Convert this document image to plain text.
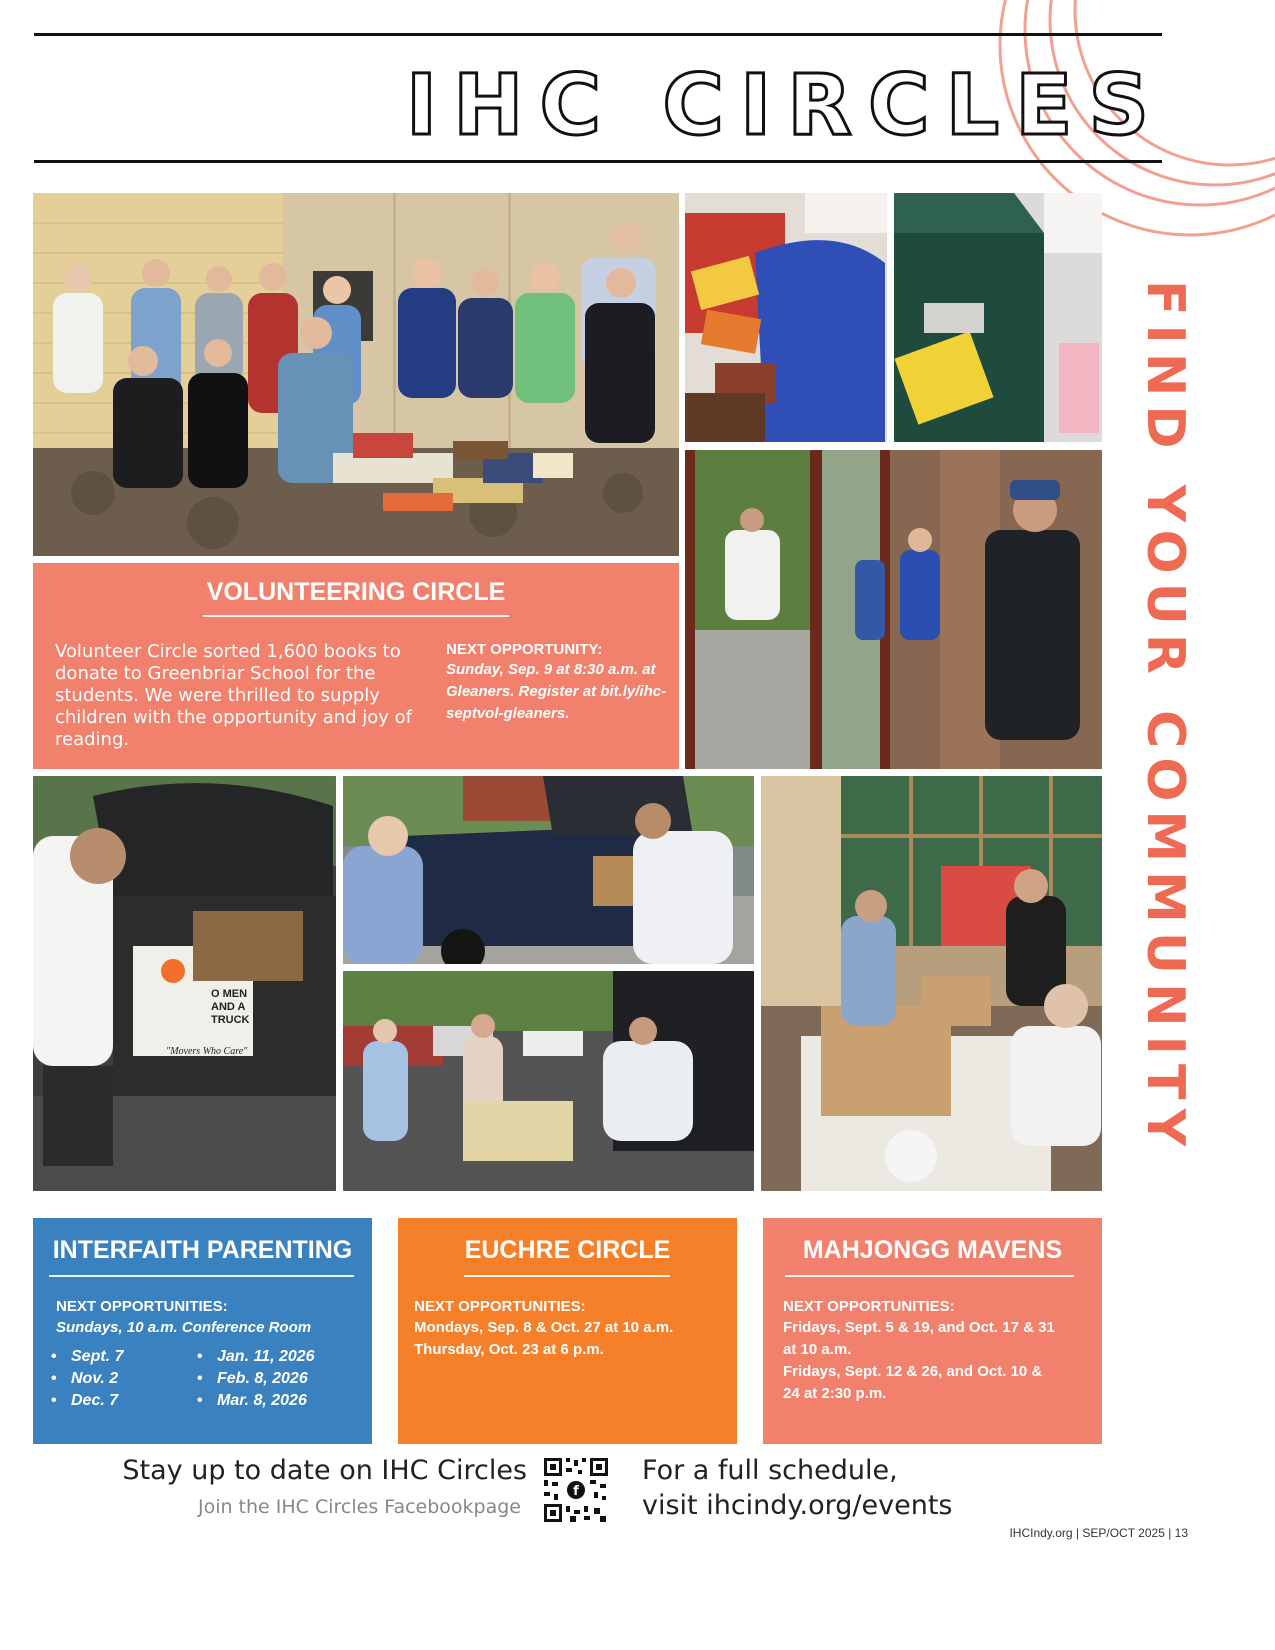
IHC CIRCLES
FIND YOUR COMMUNITY
VOLUNTEERING CIRCLE
Volunteer Circle sorted 1,600 books to donate to Greenbriar School for the students. We were thrilled to supply children with the opportunity and joy of reading.
NEXT OPPORTUNITY:
Sunday, Sep. 9 at 8:30 a.m. at Gleaners. Register at bit.ly/ihc-septvol-gleaners.
O MEN
AND A
TRUCK
"Movers Who Care"
INTERFAITH PARENTING
NEXT OPPORTUNITIES:
Sundays, 10 a.m. Conference Room
• Sept. 7
• Nov. 2
• Dec. 7
• Jan. 11, 2026
• Feb. 8, 2026
• Mar. 8, 2026
EUCHRE CIRCLE
NEXT OPPORTUNITIES:
Mondays, Sep. 8 & Oct. 27 at 10 a.m.
Thursday, Oct. 23 at 6 p.m.
MAHJONGG MAVENS
NEXT OPPORTUNITIES:
Fridays, Sept. 5 & 19, and Oct. 17 & 31
at 10 a.m.
Fridays, Sept. 12 & 26, and Oct. 10 &
24 at 2:30 p.m.
Stay up to date on IHC Circles
Join the IHC Circles Facebookpage
f
For a full schedule,
visit ihcindy.org/events
IHCIndy.org | SEP/OCT 2025 | 13
